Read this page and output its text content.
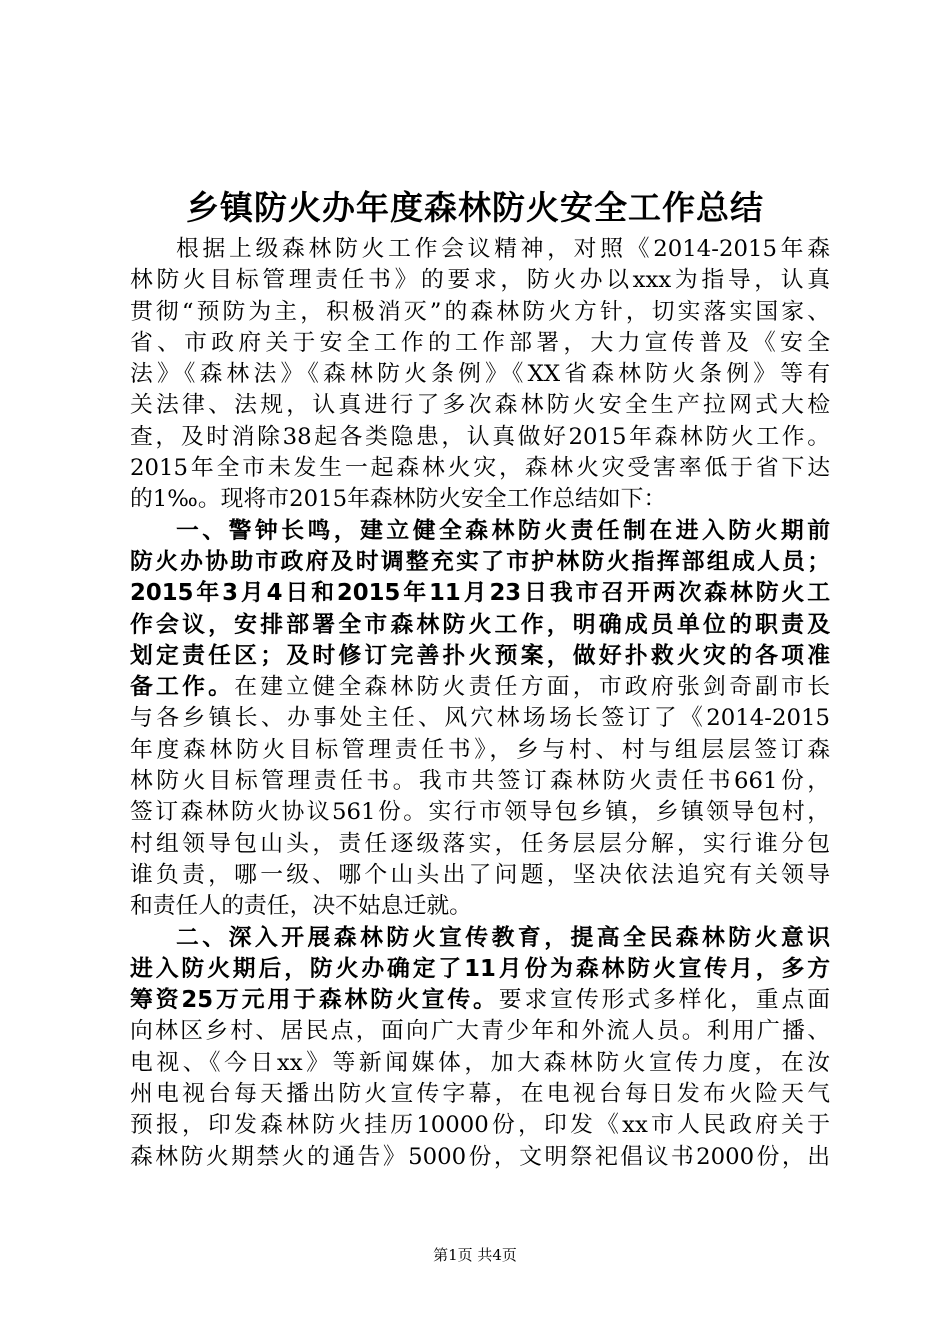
乡镇防火办年度森林防火安全工作总结
根据上级森林防火工作会议精神，对照《2014-2015年森
林防火目标管理责任书》的要求，防火办以xxx为指导，认真
贯彻“预防为主，积极消灭”的森林防火方针，切实落实国家、
省、市政府关于安全工作的工作部署，大力宣传普及《安全
法》《森林法》《森林防火条例》《XX省森林防火条例》等有
关法律、法规，认真进行了多次森林防火安全生产拉网式大检
查，及时消除38起各类隐患，认真做好2015年森林防火工作。
2015年全市未发生一起森林火灾，森林火灾受害率低于省下达
的1‰。现将市2015年森林防火安全工作总结如下：
一、警钟长鸣，建立健全森林防火责任制在进入防火期前
防火办协助市政府及时调整充实了市护林防火指挥部组成人员；
2015年3月4日和2015年11月23日我市召开两次森林防火工
作会议，安排部署全市森林防火工作，明确成员单位的职责及
划定责任区；及时修订完善扑火预案，做好扑救火灾的各项准
备工作。在建立健全森林防火责任方面，市政府张剑奇副市长
与各乡镇长、办事处主任、风穴林场场长签订了《2014-2015
年度森林防火目标管理责任书》，乡与村、村与组层层签订森
林防火目标管理责任书。我市共签订森林防火责任书661份，
签订森林防火协议561份。实行市领导包乡镇，乡镇领导包村，
村组领导包山头，责任逐级落实，任务层层分解，实行谁分包
谁负责，哪一级、哪个山头出了问题，坚决依法追究有关领导
和责任人的责任，决不姑息迁就。
二、深入开展森林防火宣传教育，提高全民森林防火意识
进入防火期后，防火办确定了11月份为森林防火宣传月，多方
筹资25万元用于森林防火宣传。要求宣传形式多样化，重点面
向林区乡村、居民点，面向广大青少年和外流人员。利用广播、
电视、《今日xx》等新闻媒体，加大森林防火宣传力度，在汝
州电视台每天播出防火宣传字幕，在电视台每日发布火险天气
预报，印发森林防火挂历10000份，印发《xx市人民政府关于
森林防火期禁火的通告》5000份，文明祭祀倡议书2000份，出
第1页 共4页
